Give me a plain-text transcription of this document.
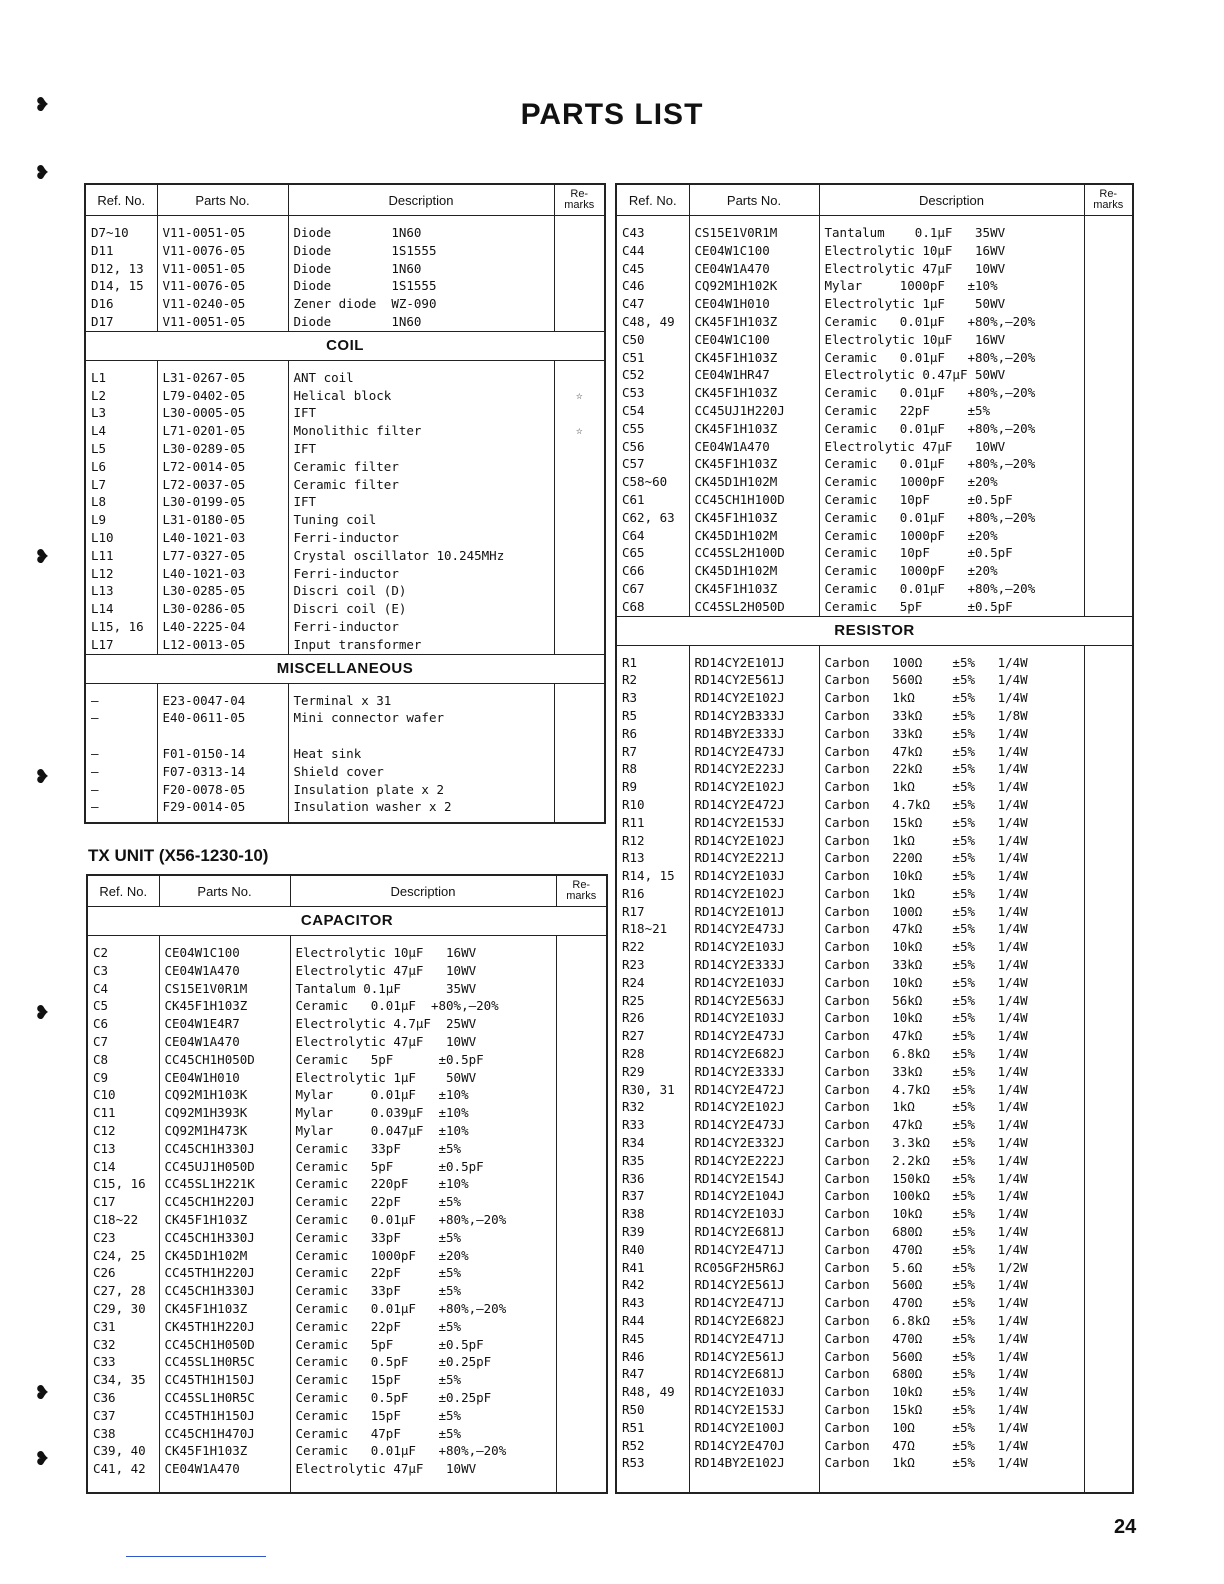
PARTS LIST
❥
❥
❥
❥
❥
❥
❥
Ref. No.	Parts No.	Description	Re-
marks
D7~10	V11-0051-05	Diode        1N60	
D11	V11-0076-05	Diode        1S1555	
D12, 13	V11-0051-05	Diode        1N60	
D14, 15	V11-0076-05	Diode        1S1555	
D16	V11-0240-05	Zener diode  WZ-090	
D17	V11-0051-05	Diode        1N60	
COIL			
L1	L31-0267-05	ANT coil	
L2	L79-0402-05	Helical block	☆
L3	L30-0005-05	IFT	
L4	L71-0201-05	Monolithic filter	☆
L5	L30-0289-05	IFT	
L6	L72-0014-05	Ceramic filter	
L7	L72-0037-05	Ceramic filter	
L8	L30-0199-05	IFT	
L9	L31-0180-05	Tuning coil	
L10	L40-1021-03	Ferri-inductor	
L11	L77-0327-05	Crystal oscillator 10.245MHz	
L12	L40-1021-03	Ferri-inductor	
L13	L30-0285-05	Discri coil (D)	
L14	L30-0286-05	Discri coil (E)	
L15, 16	L40-2225-04	Ferri-inductor	
L17	L12-0013-05	Input transformer	
MISCELLANEOUS			
—	E23-0047-04	Terminal x 31	
—	E40-0611-05	Mini connector wafer	

—	F01-0150-14	Heat sink	
—	F07-0313-14	Shield cover	
—	F20-0078-05	Insulation plate x 2	
—	F29-0014-05	Insulation washer x 2	

TX UNIT (X56-1230-10)
Ref. No.	Parts No.	Description	Re-
marks
CAPACITOR			
C2	CE04W1C100	Electrolytic 10μF   16WV	
C3	CE04W1A470	Electrolytic 47μF   10WV	
C4	CS15E1V0R1M	Tantalum 0.1μF      35WV	
C5	CK45F1H103Z	Ceramic   0.01μF  +80%,–20%	
C6	CE04W1E4R7	Electrolytic 4.7μF  25WV	
C7	CE04W1A470	Electrolytic 47μF   10WV	
C8	CC45CH1H050D	Ceramic   5pF      ±0.5pF	
C9	CE04W1H010	Electrolytic 1μF    50WV	
C10	CQ92M1H103K	Mylar     0.01μF   ±10%	
C11	CQ92M1H393K	Mylar     0.039μF  ±10%	
C12	CQ92M1H473K	Mylar     0.047μF  ±10%	
C13	CC45CH1H330J	Ceramic   33pF     ±5%	
C14	CC45UJ1H050D	Ceramic   5pF      ±0.5pF	
C15, 16	CC45SL1H221K	Ceramic   220pF    ±10%	
C17	CC45CH1H220J	Ceramic   22pF     ±5%	
C18~22	CK45F1H103Z	Ceramic   0.01μF   +80%,–20%	
C23	CC45CH1H330J	Ceramic   33pF     ±5%	
C24, 25	CK45D1H102M	Ceramic   1000pF   ±20%	
C26	CC45TH1H220J	Ceramic   22pF     ±5%	
C27, 28	CC45CH1H330J	Ceramic   33pF     ±5%	
C29, 30	CK45F1H103Z	Ceramic   0.01μF   +80%,–20%	
C31	CK45TH1H220J	Ceramic   22pF     ±5%	
C32	CC45CH1H050D	Ceramic   5pF      ±0.5pF	
C33	CC45SL1H0R5C	Ceramic   0.5pF    ±0.25pF	
C34, 35	CC45TH1H150J	Ceramic   15pF     ±5%	
C36	CC45SL1H0R5C	Ceramic   0.5pF    ±0.25pF	
C37	CC45TH1H150J	Ceramic   15pF     ±5%	
C38	CC45CH1H470J	Ceramic   47pF     ±5%	
C39, 40	CK45F1H103Z	Ceramic   0.01μF   +80%,–20%	
C41, 42	CE04W1A470	Electrolytic 47μF   10WV	

Ref. No.	Parts No.	Description	Re-
marks
C43	CS15E1V0R1M	Tantalum    0.1μF   35WV	
C44	CE04W1C100	Electrolytic 10μF   16WV	
C45	CE04W1A470	Electrolytic 47μF   10WV	
C46	CQ92M1H102K	Mylar     1000pF   ±10%	
C47	CE04W1H010	Electrolytic 1μF    50WV	
C48, 49	CK45F1H103Z	Ceramic   0.01μF   +80%,–20%	
C50	CE04W1C100	Electrolytic 10μF   16WV	
C51	CK45F1H103Z	Ceramic   0.01μF   +80%,–20%	
C52	CE04W1HR47	Electrolytic 0.47μF 50WV	
C53	CK45F1H103Z	Ceramic   0.01μF   +80%,–20%	
C54	CC45UJ1H220J	Ceramic   22pF     ±5%	
C55	CK45F1H103Z	Ceramic   0.01μF   +80%,–20%	
C56	CE04W1A470	Electrolytic 47μF   10WV	
C57	CK45F1H103Z	Ceramic   0.01μF   +80%,–20%	
C58~60	CK45D1H102M	Ceramic   1000pF   ±20%	
C61	CC45CH1H100D	Ceramic   10pF     ±0.5pF	
C62, 63	CK45F1H103Z	Ceramic   0.01μF   +80%,–20%	
C64	CK45D1H102M	Ceramic   1000pF   ±20%	
C65	CC45SL2H100D	Ceramic   10pF     ±0.5pF	
C66	CK45D1H102M	Ceramic   1000pF   ±20%	
C67	CK45F1H103Z	Ceramic   0.01μF   +80%,–20%	
C68	CC45SL2H050D	Ceramic   5pF      ±0.5pF	
RESISTOR			
R1	RD14CY2E101J	Carbon   100Ω    ±5%   1/4W	
R2	RD14CY2E561J	Carbon   560Ω    ±5%   1/4W	
R3	RD14CY2E102J	Carbon   1kΩ     ±5%   1/4W	
R5	RD14CY2B333J	Carbon   33kΩ    ±5%   1/8W	
R6	RD14BY2E333J	Carbon   33kΩ    ±5%   1/4W	
R7	RD14CY2E473J	Carbon   47kΩ    ±5%   1/4W	
R8	RD14CY2E223J	Carbon   22kΩ    ±5%   1/4W	
R9	RD14CY2E102J	Carbon   1kΩ     ±5%   1/4W	
R10	RD14CY2E472J	Carbon   4.7kΩ   ±5%   1/4W	
R11	RD14CY2E153J	Carbon   15kΩ    ±5%   1/4W	
R12	RD14CY2E102J	Carbon   1kΩ     ±5%   1/4W	
R13	RD14CY2E221J	Carbon   220Ω    ±5%   1/4W	
R14, 15	RD14CY2E103J	Carbon   10kΩ    ±5%   1/4W	
R16	RD14CY2E102J	Carbon   1kΩ     ±5%   1/4W	
R17	RD14CY2E101J	Carbon   100Ω    ±5%   1/4W	
R18~21	RD14CY2E473J	Carbon   47kΩ    ±5%   1/4W	
R22	RD14CY2E103J	Carbon   10kΩ    ±5%   1/4W	
R23	RD14CY2E333J	Carbon   33kΩ    ±5%   1/4W	
R24	RD14CY2E103J	Carbon   10kΩ    ±5%   1/4W	
R25	RD14CY2E563J	Carbon   56kΩ    ±5%   1/4W	
R26	RD14CY2E103J	Carbon   10kΩ    ±5%   1/4W	
R27	RD14CY2E473J	Carbon   47kΩ    ±5%   1/4W	
R28	RD14CY2E682J	Carbon   6.8kΩ   ±5%   1/4W	
R29	RD14CY2E333J	Carbon   33kΩ    ±5%   1/4W	
R30, 31	RD14CY2E472J	Carbon   4.7kΩ   ±5%   1/4W	
R32	RD14CY2E102J	Carbon   1kΩ     ±5%   1/4W	
R33	RD14CY2E473J	Carbon   47kΩ    ±5%   1/4W	
R34	RD14CY2E332J	Carbon   3.3kΩ   ±5%   1/4W	
R35	RD14CY2E222J	Carbon   2.2kΩ   ±5%   1/4W	
R36	RD14CY2E154J	Carbon   150kΩ   ±5%   1/4W	
R37	RD14CY2E104J	Carbon   100kΩ   ±5%   1/4W	
R38	RD14CY2E103J	Carbon   10kΩ    ±5%   1/4W	
R39	RD14CY2E681J	Carbon   680Ω    ±5%   1/4W	
R40	RD14CY2E471J	Carbon   470Ω    ±5%   1/4W	
R41	RC05GF2H5R6J	Carbon   5.6Ω    ±5%   1/2W	
R42	RD14CY2E561J	Carbon   560Ω    ±5%   1/4W	
R43	RD14CY2E471J	Carbon   470Ω    ±5%   1/4W	
R44	RD14CY2E682J	Carbon   6.8kΩ   ±5%   1/4W	
R45	RD14CY2E471J	Carbon   470Ω    ±5%   1/4W	
R46	RD14CY2E561J	Carbon   560Ω    ±5%   1/4W	
R47	RD14CY2E681J	Carbon   680Ω    ±5%   1/4W	
R48, 49	RD14CY2E103J	Carbon   10kΩ    ±5%   1/4W	
R50	RD14CY2E153J	Carbon   15kΩ    ±5%   1/4W	
R51	RD14CY2E100J	Carbon   10Ω     ±5%   1/4W	
R52	RD14CY2E470J	Carbon   47Ω     ±5%   1/4W	
R53	RD14BY2E102J	Carbon   1kΩ     ±5%   1/4W	

24
